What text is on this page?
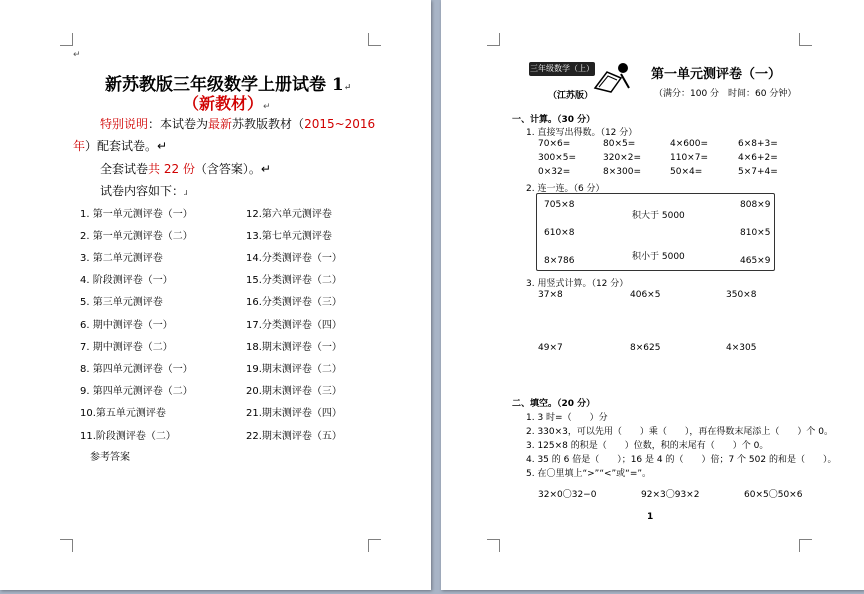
↵
新苏教版三年级数学上册试卷 1↵
（新教材）↵
特别说明：本试卷为最新苏教版教材（2015~2016
年）配套试卷。↵
全套试卷共 22 份（含答案）。↵
试卷内容如下：ɹ
1. 第一单元测评卷（一）
2. 第一单元测评卷（二）
3. 第二单元测评卷
4. 阶段测评卷（一）
5. 第三单元测评卷
6. 期中测评卷（一）
7. 期中测评卷（二）
8. 第四单元测评卷（一）
9. 第四单元测评卷（二）
10.第五单元测评卷
11.阶段测评卷（二）
12.第六单元测评卷
13.第七单元测评卷
14.分类测评卷（一）
15.分类测评卷（二）
16.分类测评卷（三）
17.分类测评卷（四）
18.期末测评卷（一）
19.期末测评卷（二）
20.期末测评卷（三）
21.期末测评卷（四）
22.期末测评卷（五）
参考答案
三年级数学（上）	第一单元测评卷（一）
（江苏版）	（满分：100 分　时间：60 分钟）
一、计算。（30 分）
1. 直接写出得数。（12 分）
70×6=	80×5=	4×600=	6×8+3=
300×5=	320×2=	110×7=	4×6+2=
0×32=	8×300=	50×4=	5×7+4=
2. 连一连。（6 分）
705×8
610×8
8×786
808×9
810×5
465×9
积大于 5000
积小于 5000
3. 用竖式计算。（12 分）
37×8	406×5	350×8
49×7	8×625	4×305
二、填空。（20 分）
1. 3 时=（　　）分
2. 330×3，可以先用（　　）乘（　　），再在得数末尾添上（　　）个 0。
3. 125×8 的积是（　　）位数，积的末尾有（　　）个 0。
4. 35 的 6 倍是（　　）；16 是 4 的（　　）倍；7 个 502 的和是（　　）。
5. 在〇里填上“>”“<”或“=”。
32×0〇32−0	92×3〇93×2	60×5〇50×6
1
